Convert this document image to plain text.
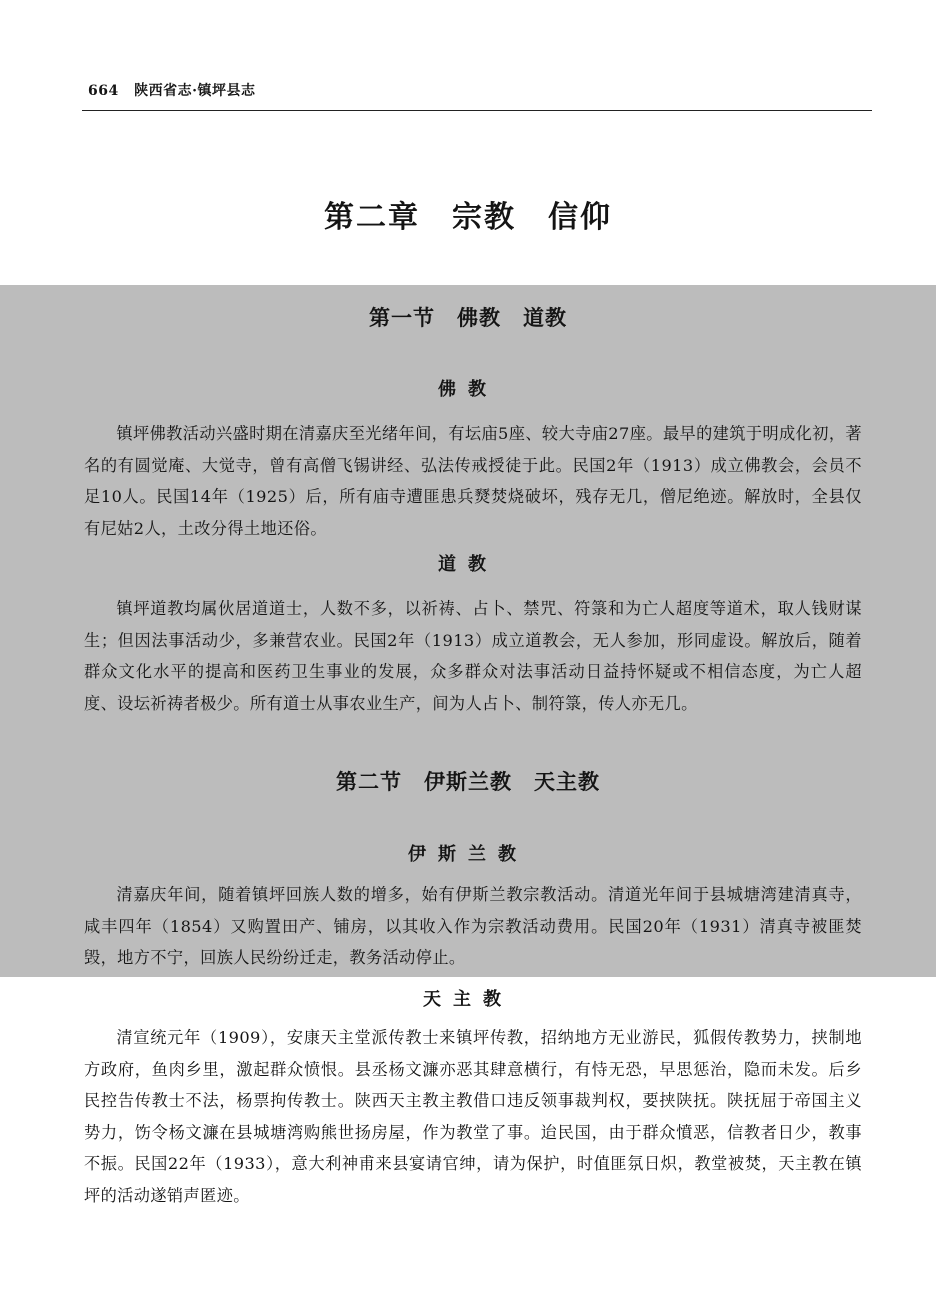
664 陕西省志·镇坪县志
第二章　宗教　信仰
第一节　佛教　道教
佛教

镇坪佛教活动兴盛时期在清嘉庆至光绪年间，有坛庙5座、较大寺庙27座。最早的建筑于明成化初，著名的有圆觉庵、大觉寺，曾有高僧飞锡讲经、弘法传戒授徒于此。民国2年（1913）成立佛教会，会员不足10人。民国14年（1925）后，所有庙寺遭匪患兵燹焚烧破坏，残存无几，僧尼绝迹。解放时，全县仅有尼姑2人，土改分得土地还俗。

道教

镇坪道教均属伙居道道士，人数不多，以祈祷、占卜、禁咒、符箓和为亡人超度等道术，取人钱财谋生；但因法事活动少，多兼营农业。民国2年（1913）成立道教会，无人参加，形同虚设。解放后，随着群众文化水平的提高和医药卫生事业的发展，众多群众对法事活动日益持怀疑或不相信态度，为亡人超度、设坛祈祷者极少。所有道士从事农业生产，间为人占卜、制符箓，传人亦无几。

第二节　伊斯兰教　天主教
伊斯兰教

清嘉庆年间，随着镇坪回族人数的增多，始有伊斯兰教宗教活动。清道光年间于县城塘湾建清真寺，咸丰四年（1854）又购置田产、铺房，以其收入作为宗教活动费用。民国20年（1931）清真寺被匪焚毁，地方不宁，回族人民纷纷迁走，教务活动停止。

天主教

清宣统元年（1909），安康天主堂派传教士来镇坪传教，招纳地方无业游民，狐假传教势力，挟制地方政府，鱼肉乡里，激起群众愤恨。县丞杨文濂亦恶其肆意横行，有恃无恐，早思惩治，隐而未发。后乡民控告传教士不法，杨票拘传教士。陕西天主教主教借口违反领事裁判权，要挟陕抚。陕抚屈于帝国主义势力，饬令杨文濂在县城塘湾购熊世扬房屋，作为教堂了事。迨民国，由于群众憤恶，信教者日少，教事不振。民国22年（1933），意大利神甫来县宴请官绅，请为保护，时值匪氛日炽，教堂被焚，天主教在镇坪的活动遂销声匿迹。
